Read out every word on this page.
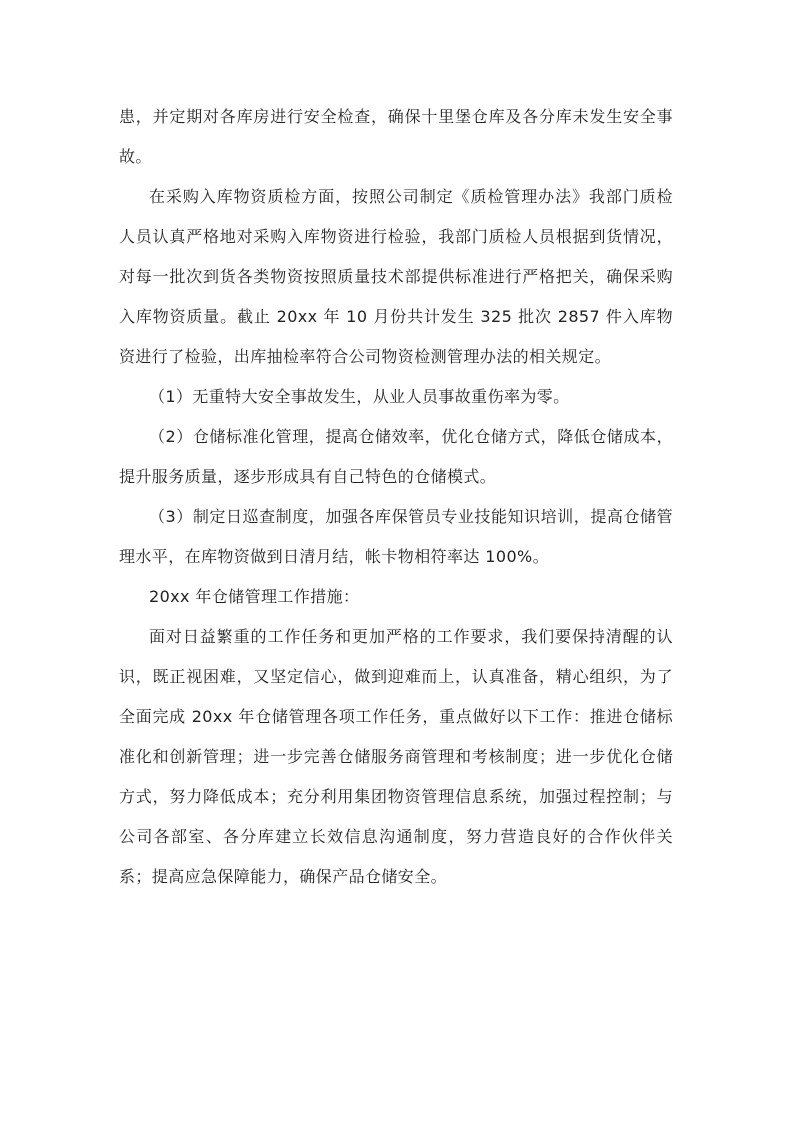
患，并定期对各库房进行安全检查，确保十里堡仓库及各分库未发生安全事故。

在采购入库物资质检方面，按照公司制定《质检管理办法》我部门质检人员认真严格地对采购入库物资进行检验，我部门质检人员根据到货情况，对每一批次到货各类物资按照质量技术部提供标准进行严格把关，确保采购入库物资质量。截止 20xx 年 10 月份共计发生 325 批次 2857 件入库物资进行了检验，出库抽检率符合公司物资检测管理办法的相关规定。

（1）无重特大安全事故发生，从业人员事故重伤率为零。

（2）仓储标准化管理，提高仓储效率，优化仓储方式，降低仓储成本，提升服务质量，逐步形成具有自己特色的仓储模式。

（3）制定日巡查制度，加强各库保管员专业技能知识培训，提高仓储管理水平，在库物资做到日清月结，帐卡物相符率达 100%。

20xx 年仓储管理工作措施：

面对日益繁重的工作任务和更加严格的工作要求，我们要保持清醒的认识，既正视困难，又坚定信心，做到迎难而上，认真准备，精心组织，为了全面完成 20xx 年仓储管理各项工作任务，重点做好以下工作：推进仓储标准化和创新管理；进一步完善仓储服务商管理和考核制度；进一步优化仓储方式，努力降低成本；充分利用集团物资管理信息系统，加强过程控制；与公司各部室、各分库建立长效信息沟通制度，努力营造良好的合作伙伴关系；提高应急保障能力，确保产品仓储安全。
